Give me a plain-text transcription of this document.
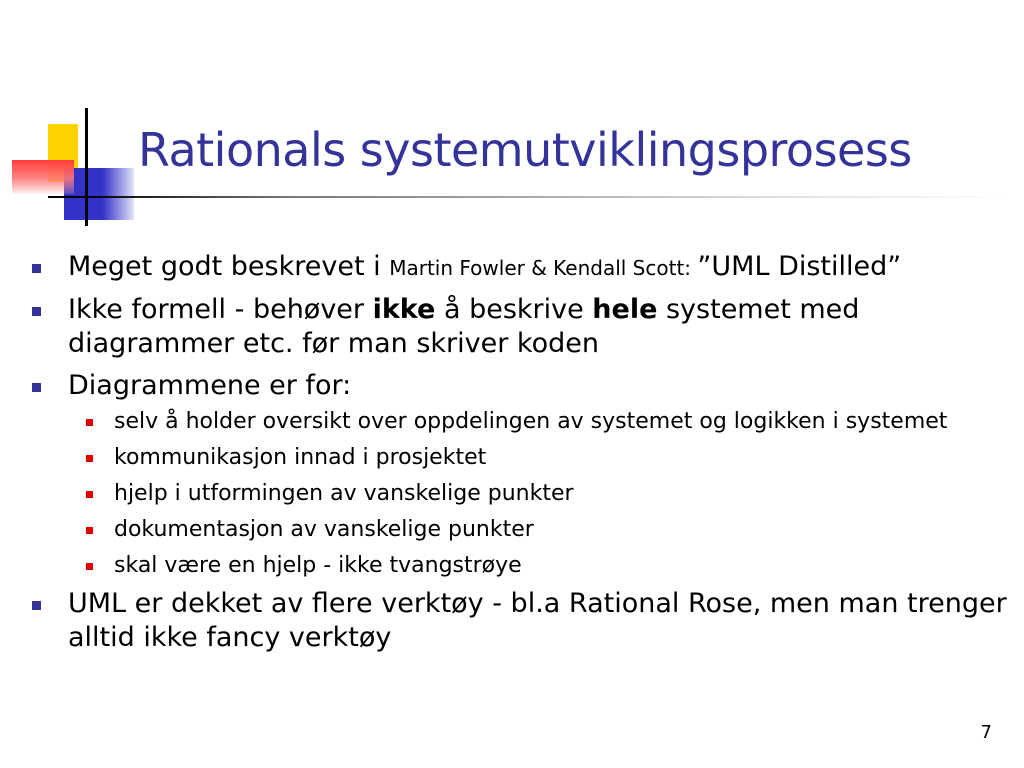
Rationals systemutviklingsprosess
Meget godt beskrevet i Martin Fowler & Kendall Scott: ”UML Distilled”
Ikke formell - behøver ikke å beskrive hele systemet med diagrammer etc. før man skriver koden
Diagrammene er for:
selv å holder oversikt over oppdelingen av systemet og logikken i systemet
kommunikasjon innad i prosjektet
hjelp i utformingen av vanskelige punkter
dokumentasjon av vanskelige punkter
skal være en hjelp - ikke tvangstrøye
UML er dekket av flere verktøy - bl.a Rational Rose, men man trenger alltid ikke fancy verktøy
7
